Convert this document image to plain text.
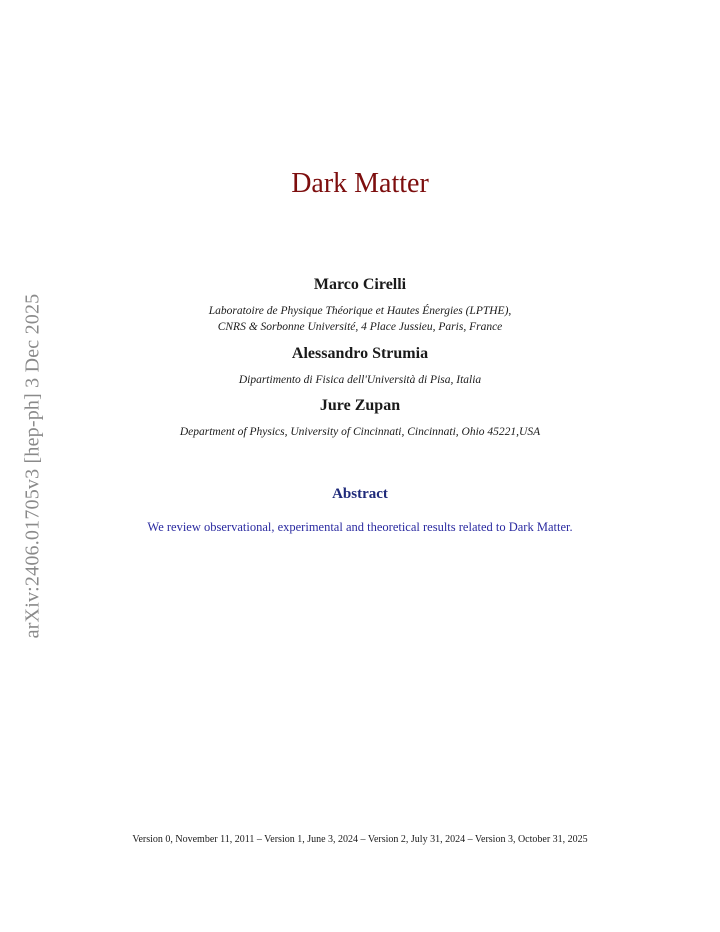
arXiv:2406.01705v3 [hep-ph] 3 Dec 2025
Dark Matter
Marco Cirelli
Laboratoire de Physique Théorique et Hautes Énergies (LPTHE),
CNRS & Sorbonne Université, 4 Place Jussieu, Paris, France
Alessandro Strumia
Dipartimento di Fisica dell'Università di Pisa, Italia
Jure Zupan
Department of Physics, University of Cincinnati, Cincinnati, Ohio 45221,USA
Abstract
We review observational, experimental and theoretical results related to Dark Matter.
Version 0, November 11, 2011 – Version 1, June 3, 2024 – Version 2, July 31, 2024 – Version 3, October 31, 2025
